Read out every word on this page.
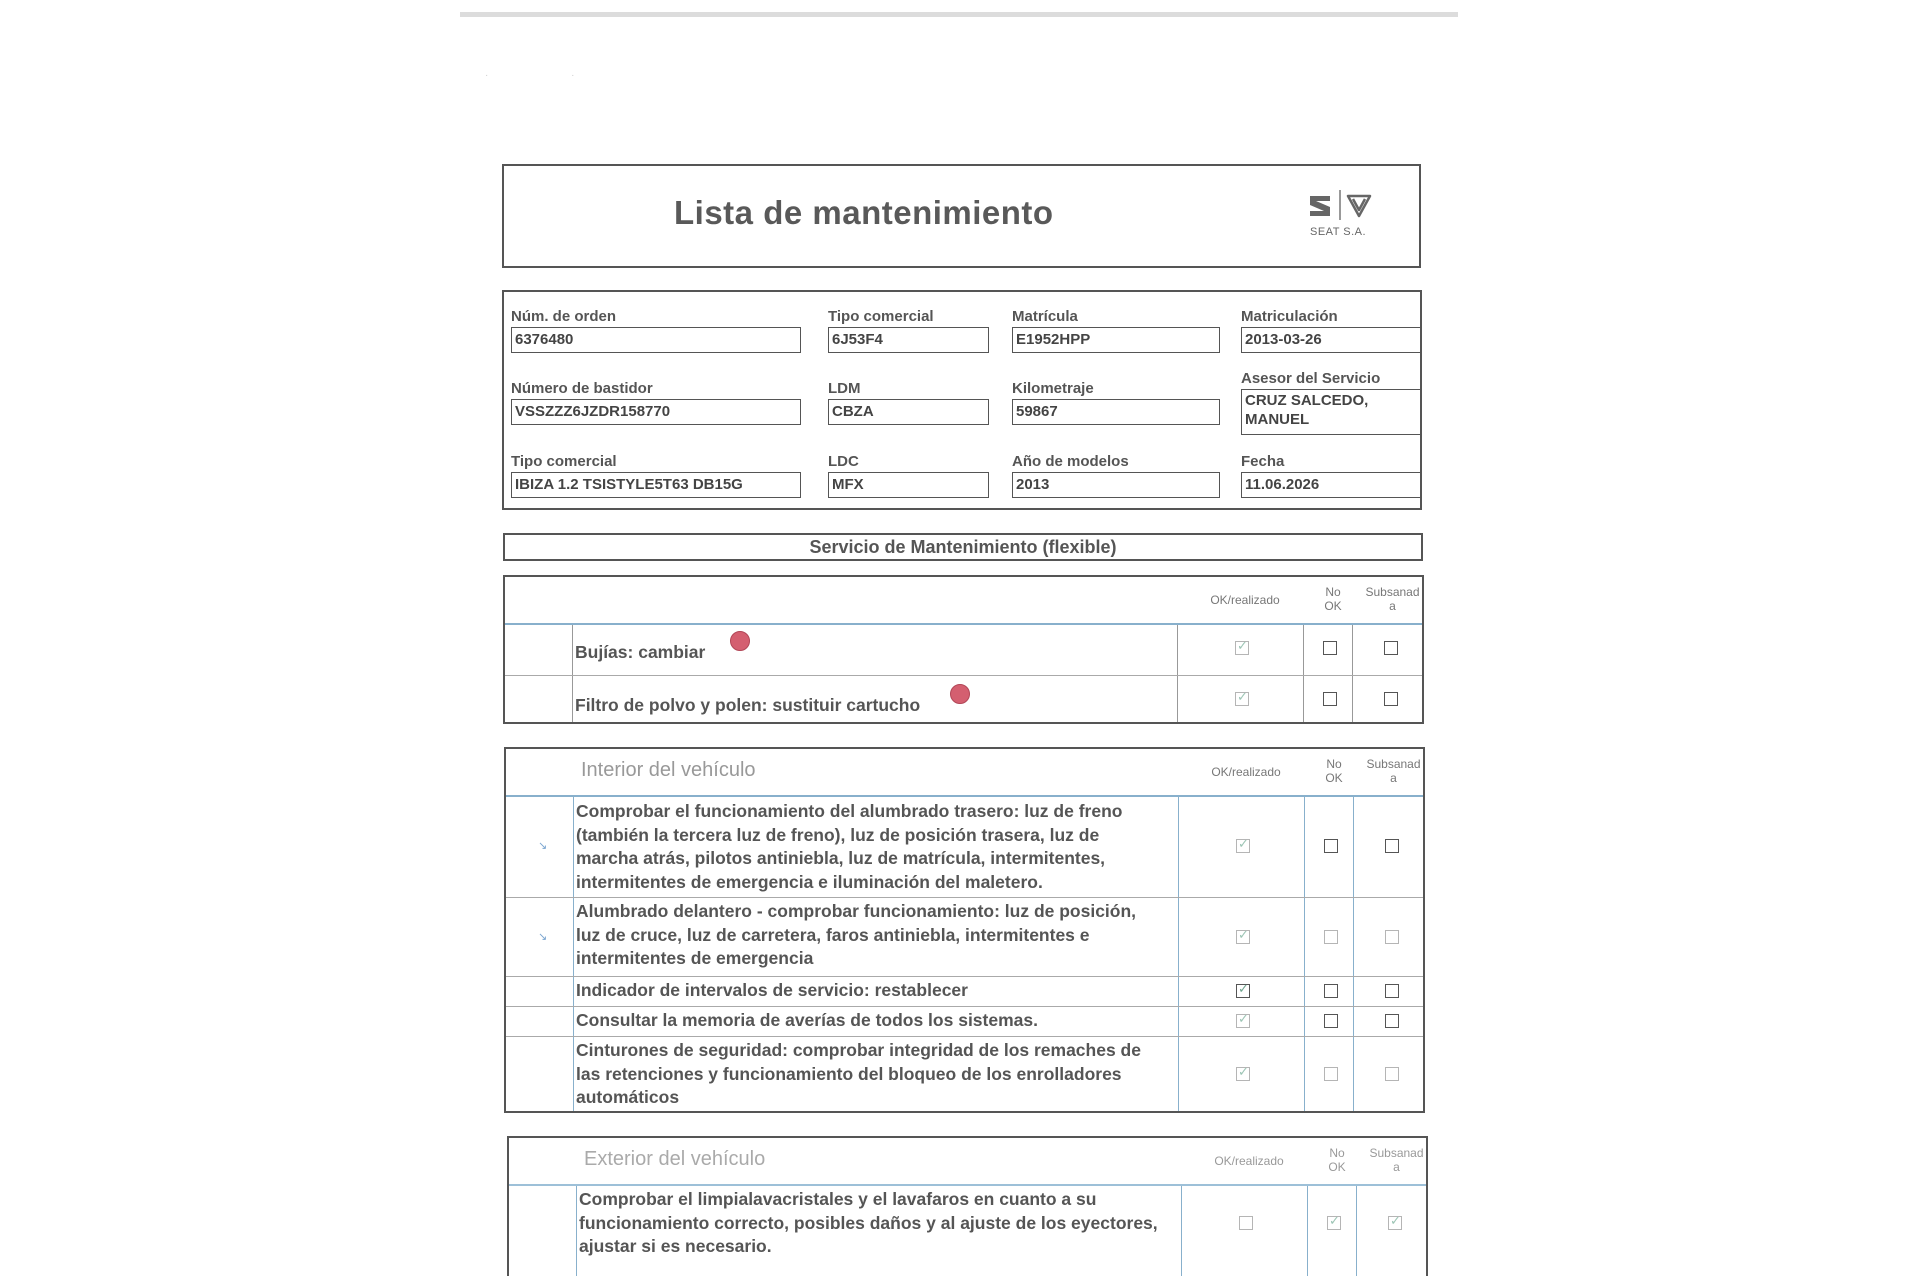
· ·
Lista de mantenimiento
SEAT S.A.
Núm. de orden
6376480
Tipo comercial
6J53F4
Matrícula
E1952HPP
Matriculación
2013-03-26
Número de bastidor
VSSZZZ6JZDR158770
LDM
CBZA
Kilometraje
59867
Asesor del Servicio
CRUZ SALCEDO,
MANUEL
Tipo comercial
IBIZA 1.2 TSISTYLE5T63 DB15G
LDC
MFX
Año de modelos
2013
Fecha
11.06.2026
Servicio de Mantenimiento (flexible)
OK/realizado
No
OK
Subsanad
a
Bujías: cambiar
✓
Filtro de polvo y polen: sustituir cartucho
✓
Interior del vehículo	OK/realizado
No
OK
Subsanad
a
↘
Comprobar el funcionamiento del alumbrado trasero: luz de freno
(también la tercera luz de freno), luz de posición trasera, luz de
marcha atrás, pilotos antiniebla, luz de matrícula, intermitentes,
intermitentes de emergencia e iluminación del maletero.
✓
↘
Alumbrado delantero - comprobar funcionamiento: luz de posición,
luz de cruce, luz de carretera, faros antiniebla, intermitentes e
intermitentes de emergencia
✓
Indicador de intervalos de servicio: restablecer
✓
Consultar la memoria de averías de todos los sistemas.
✓
Cinturones de seguridad: comprobar integridad de los remaches de
las retenciones y funcionamiento del bloqueo de los enrolladores
automáticos
✓
Exterior del vehículo	OK/realizado
No
OK
Subsanad
a
Comprobar el limpialavacristales y el lavafaros en cuanto a su
funcionamiento correcto, posibles daños y al ajuste de los eyectores,
ajustar si es necesario.
✓
✓
